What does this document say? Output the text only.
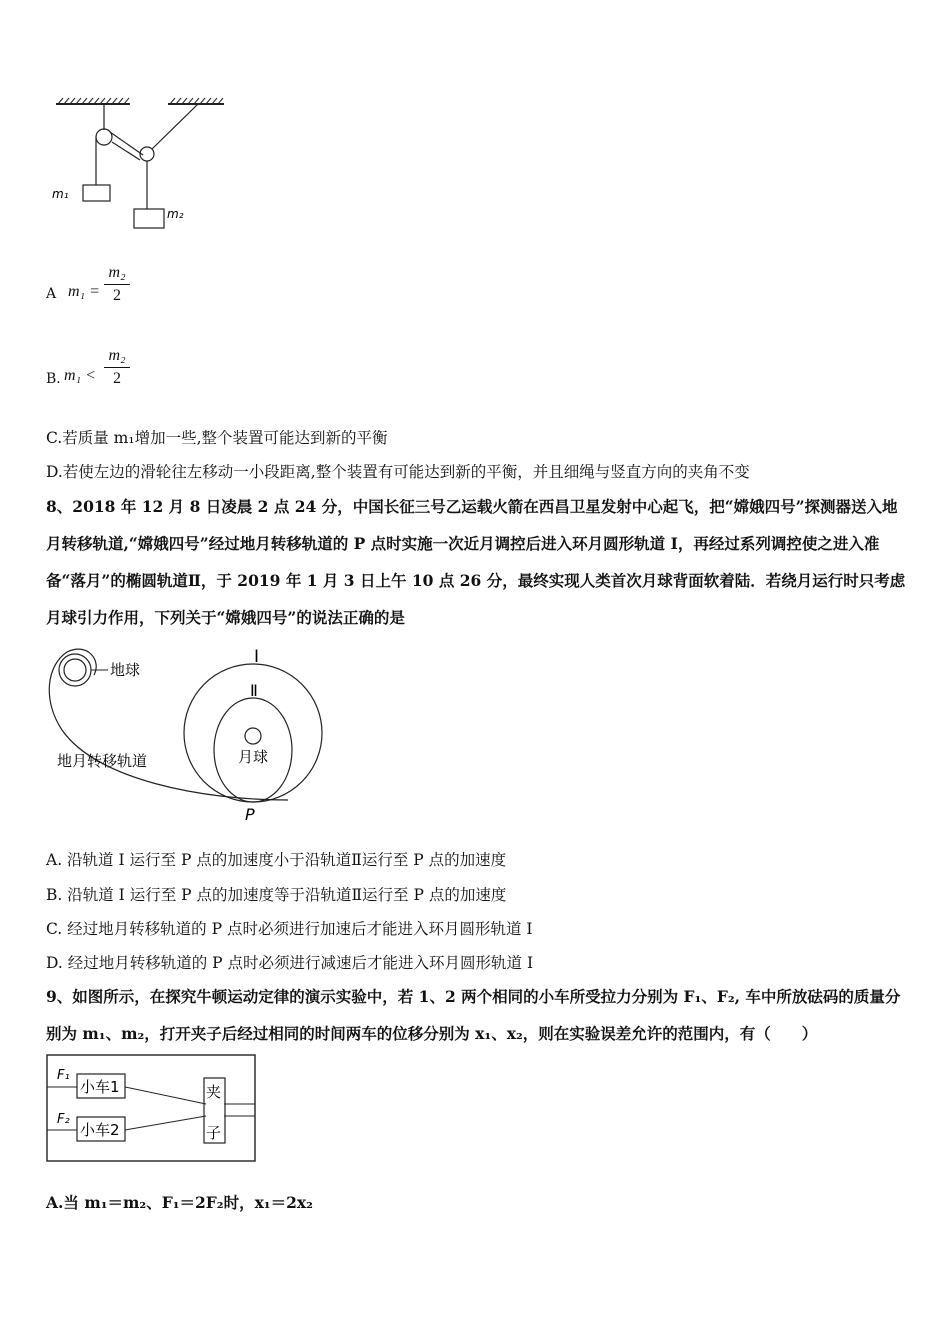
m₁
m₂
A m₁ =
m₂
2
B. m₁ <
m₂
2
C.若质量 m₁增加一些,整个装置可能达到新的平衡
D.若使左边的滑轮往左移动一小段距离,整个装置有可能达到新的平衡，并且细绳与竖直方向的夹角不变
8、2018 年 12 月 8 日凌晨 2 点 24 分，中国长征三号乙运载火箭在西昌卫星发射中心起飞，把“嫦娥四号”探测器送入地月转移轨道,“嫦娥四号”经过地月转移轨道的 P 点时实施一次近月调控后进入环月圆形轨道 I，再经过系列调控使之进入准备“落月”的椭圆轨道Ⅱ，于 2019 年 1 月 3 日上午 10 点 26 分，最终实现人类首次月球背面软着陆．若绕月运行时只考虑月球引力作用，下列关于“嫦娥四号”的说法正确的是
地球
月球
I
Ⅱ
地月转移轨道
P
A. 沿轨道 I 运行至 P 点的加速度小于沿轨道Ⅱ运行至 P 点的加速度
B. 沿轨道 I 运行至 P 点的加速度等于沿轨道Ⅱ运行至 P 点的加速度
C. 经过地月转移轨道的 P 点时必须进行加速后才能进入环月圆形轨道 I
D. 经过地月转移轨道的 P 点时必须进行减速后才能进入环月圆形轨道 I
9、如图所示，在探究牛顿运动定律的演示实验中，若 1、2 两个相同的小车所受拉力分别为 F₁、F₂, 车中所放砝码的质量分别为 m₁、m₂，打开夹子后经过相同的时间两车的位移分别为 x₁、x₂，则在实验误差允许的范围内，有（　　）
F₁
F₂
小车1
小车2
夹
子
A.当 m₁＝m₂、F₁＝2F₂时，x₁＝2x₂
